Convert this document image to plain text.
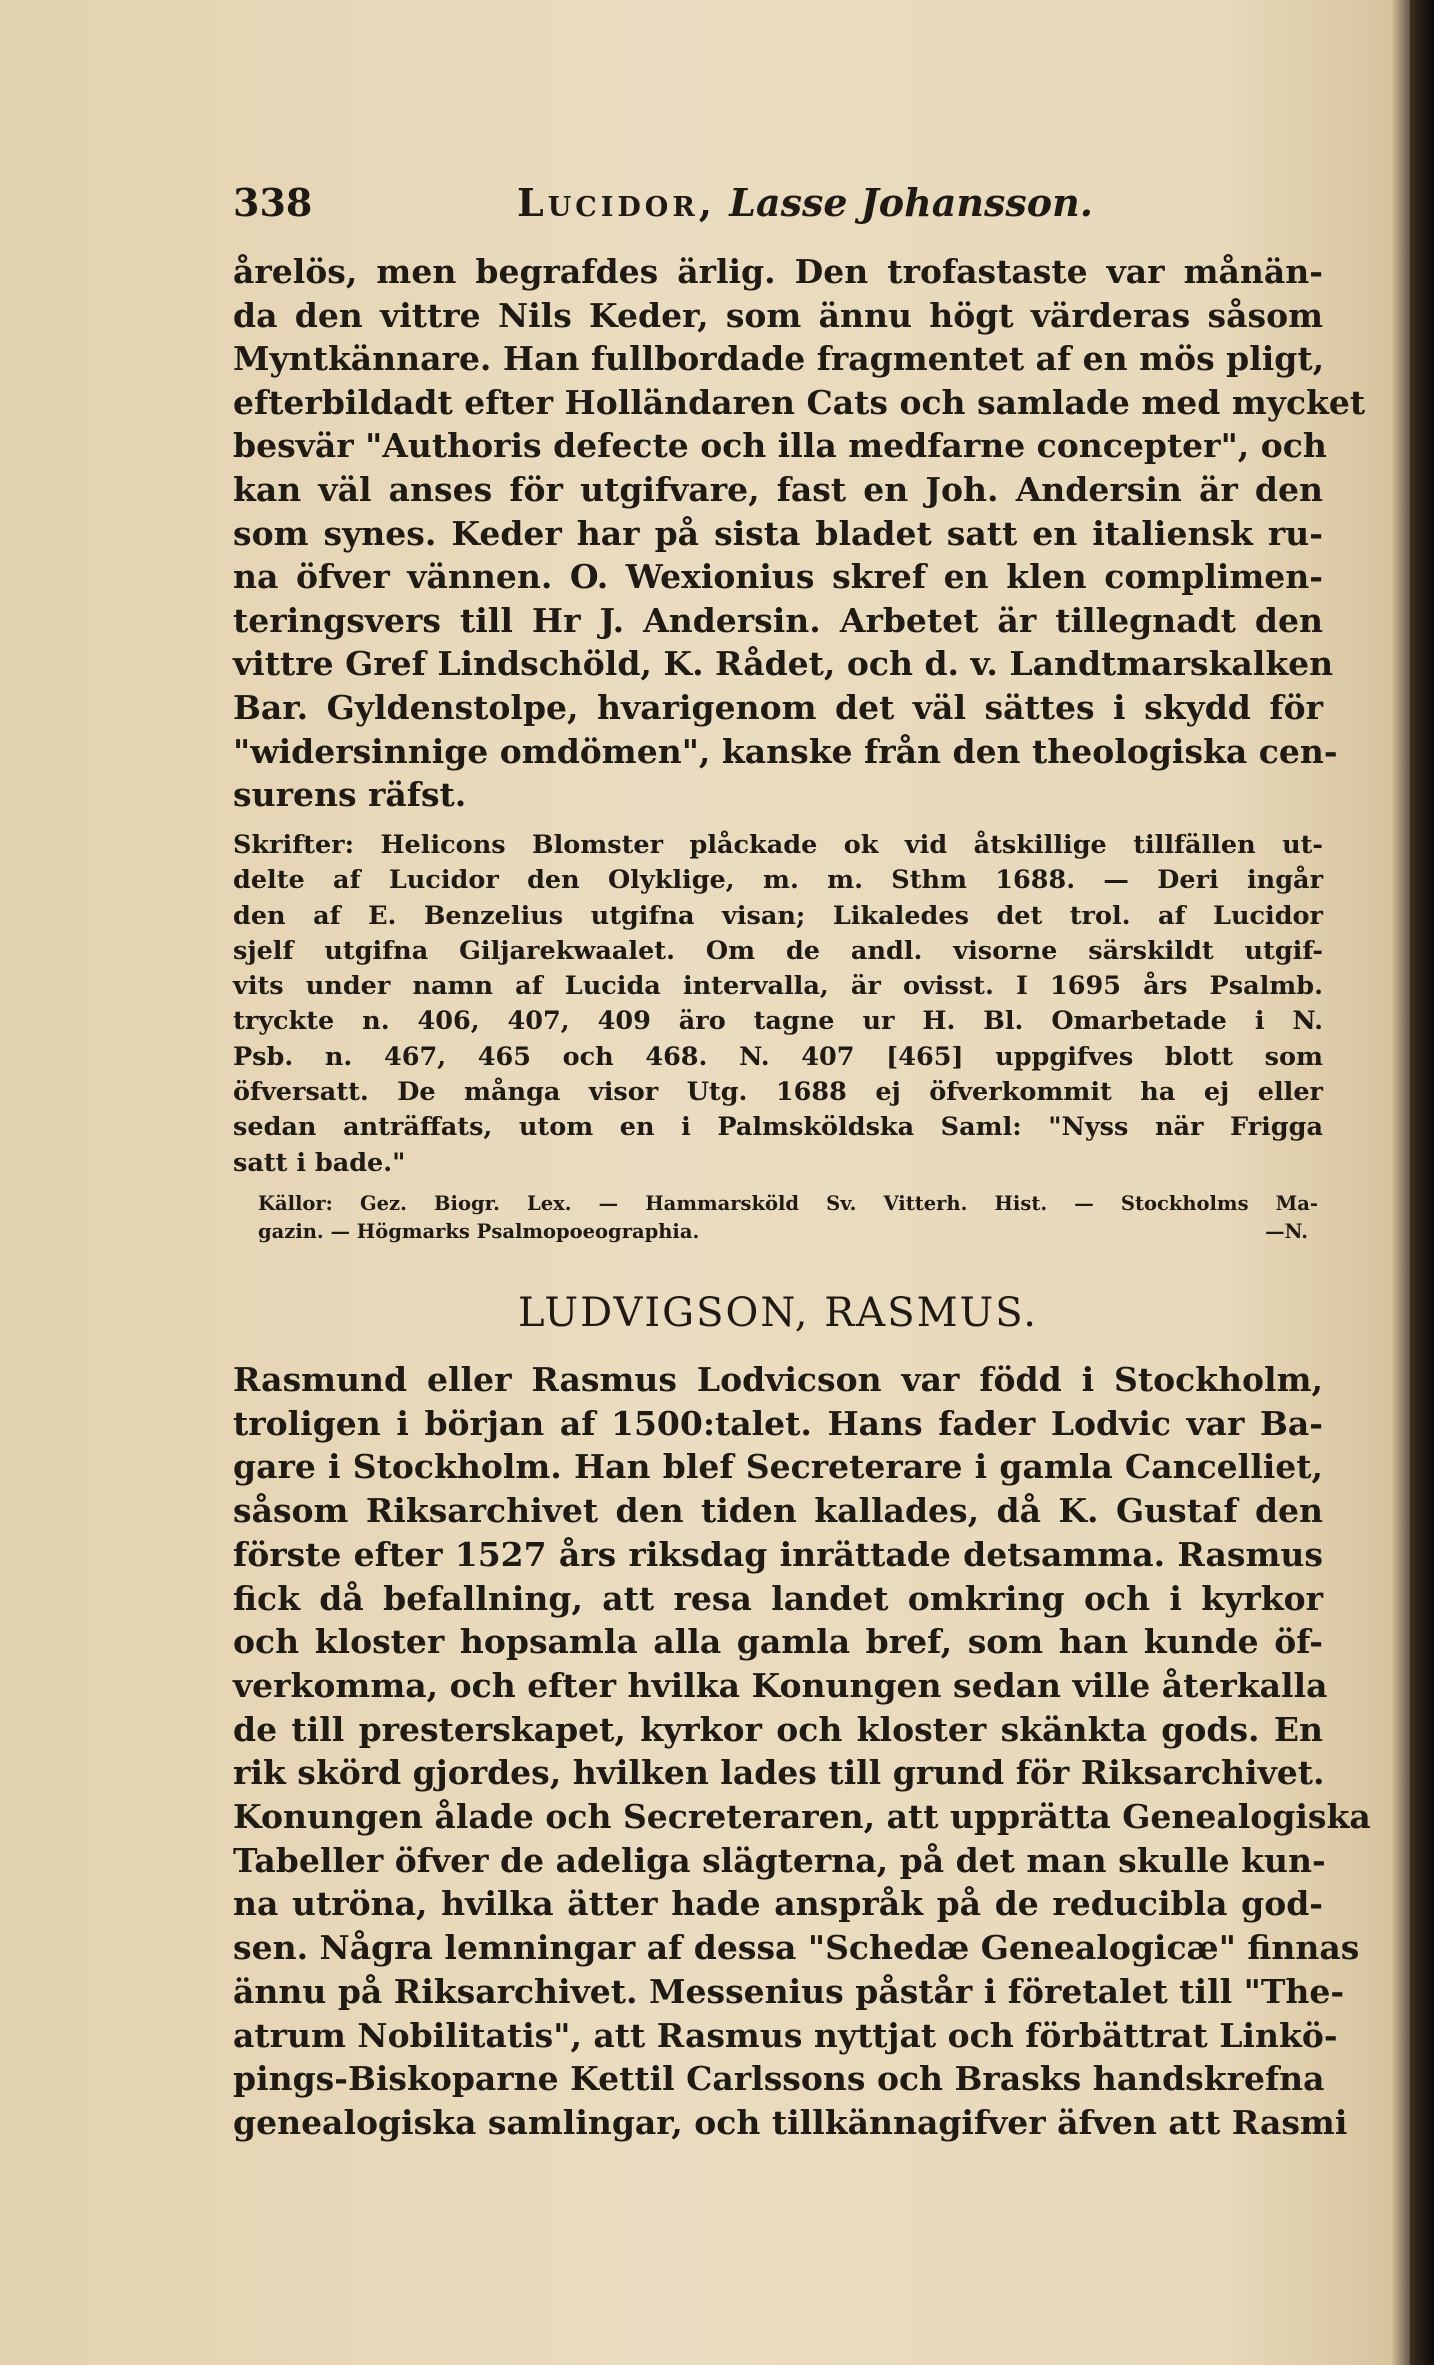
338	Lucidor, Lasse Johansson.
årelös, men begrafdes ärlig. Den trofastaste var månän-
da den vittre Nils Keder, som ännu högt värderas såsom
Myntkännare. Han fullbordade fragmentet af en mös pligt,
efterbildadt efter Holländaren Cats och samlade med mycket
besvär "Authoris defecte och illa medfarne concepter", och
kan väl anses för utgifvare, fast en Joh. Andersin är den
som synes. Keder har på sista bladet satt en italiensk ru-
na öfver vännen. O. Wexionius skref en klen complimen-
teringsvers till Hr J. Andersin. Arbetet är tillegnadt den
vittre Gref Lindschöld, K. Rådet, och d. v. Landtmarskalken
Bar. Gyldenstolpe, hvarigenom det väl sättes i skydd för
"widersinnige omdömen", kanske från den theologiska cen-
surens räfst.
Skrifter: Helicons Blomster plåckade ok vid åtskillige tillfällen ut-
delte af Lucidor den Olyklige, m. m. Sthm 1688. — Deri ingår
den af E. Benzelius utgifna visan; Likaledes det trol. af Lucidor
sjelf utgifna Giljarekwaalet. Om de andl. visorne särskildt utgif-
vits under namn af Lucida intervalla, är ovisst. I 1695 års Psalmb.
tryckte n. 406, 407, 409 äro tagne ur H. Bl. Omarbetade i N.
Psb. n. 467, 465 och 468. N. 407 [465] uppgifves blott som
öfversatt. De många visor Utg. 1688 ej öfverkommit ha ej eller
sedan anträffats, utom en i Palmsköldska Saml: "Nyss när Frigga
satt i bade."
Källor: Gez. Biogr. Lex. — Hammarsköld Sv. Vitterh. Hist. — Stockholms Ma-
gazin. — Högmarks Psalmopoeographia.	—N.
LUDVIGSON, RASMUS.
Rasmund eller Rasmus Lodvicson var född i Stockholm,
troligen i början af 1500:talet. Hans fader Lodvic var Ba-
gare i Stockholm. Han blef Secreterare i gamla Cancelliet,
såsom Riksarchivet den tiden kallades, då K. Gustaf den
förste efter 1527 års riksdag inrättade detsamma. Rasmus
fick då befallning, att resa landet omkring och i kyrkor
och kloster hopsamla alla gamla bref, som han kunde öf-
verkomma, och efter hvilka Konungen sedan ville återkalla
de till presterskapet, kyrkor och kloster skänkta gods. En
rik skörd gjordes, hvilken lades till grund för Riksarchivet.
Konungen ålade och Secreteraren, att upprätta Genealogiska
Tabeller öfver de adeliga slägterna, på det man skulle kun-
na utröna, hvilka ätter hade anspråk på de reducibla god-
sen. Några lemningar af dessa "Schedæ Genealogicæ" finnas
ännu på Riksarchivet. Messenius påstår i företalet till "The-
atrum Nobilitatis", att Rasmus nyttjat och förbättrat Linkö-
pings-Biskoparne Kettil Carlssons och Brasks handskrefna
genealogiska samlingar, och tillkännagifver äfven att Rasmi
